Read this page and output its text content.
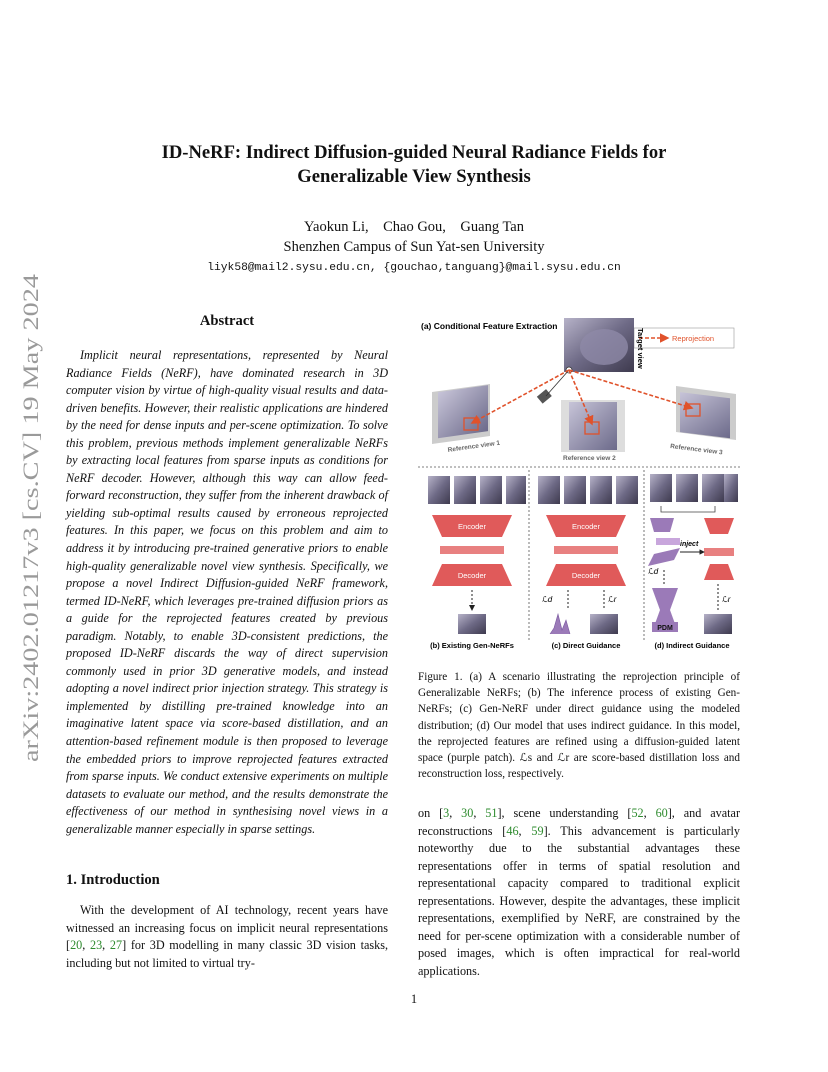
arXiv:2402.01217v3 [cs.CV] 19 May 2024
ID-NeRF: Indirect Diffusion-guided Neural Radiance Fields for
Generalizable View Synthesis
Yaokun Li,    Chao Gou,    Guang Tan
Shenzhen Campus of Sun Yat-sen University
liyk58@mail2.sysu.edu.cn, {gouchao,tanguang}@mail.sysu.edu.cn
Abstract

Implicit neural representations, represented by Neural Radiance Fields (NeRF), have dominated research in 3D computer vision by virtue of high-quality visual results and data-driven benefits. However, their realistic applications are hindered by the need for dense inputs and per-scene optimization. To solve this problem, previous methods implement generalizable NeRFs by extracting local features from sparse inputs as conditions for NeRF decoder. However, although this way can allow feed-forward reconstruction, they suffer from the inherent drawback of yielding sub-optimal results caused by erroneous reprojected features. In this paper, we focus on this problem and aim to address it by introducing pre-trained generative priors to enable high-quality generalizable novel view synthesis. Specifically, we propose a novel Indirect Diffusion-guided NeRF framework, termed ID-NeRF, which leverages pre-trained diffusion priors as a guide for the reprojected features created by previous paradigm. Notably, to enable 3D-consistent predictions, the proposed ID-NeRF discards the way of direct supervision commonly used in prior 3D generative models, and instead adopting a novel indirect prior injection strategy. This strategy is implemented by distilling pre-trained knowledge into an imaginative latent space via score-based distillation, and an attention-based refinement module is then proposed to leverage the embedded priors to improve reprojected features extracted from sparse inputs. We conduct extensive experiments on multiple datasets to evaluate our method, and the results demonstrate the effectiveness of our method in synthesising novel views in a generalizable manner especially in sparse settings.

1. Introduction

With the development of AI technology, recent years have witnessed an increasing focus on implicit neural representations [20, 23, 27] for 3D modelling in many classic 3D vision tasks, including but not limited to virtual try-

(a) Conditional Feature Extraction
Reprojection
Target view
Reference view 1
Reference view 2
Reference view 3
Encoder
Decoder
(b) Existing Gen-NeRFs
Encoder
Decoder
ℒd	ℒr
(c) Direct Guidance
inject
ℒd
ℒr
PDM
(d) Indirect Guidance
Figure 1. (a) A scenario illustrating the reprojection principle of Generalizable NeRFs; (b) The inference process of existing Gen-NeRFs; (c) Gen-NeRF under direct guidance using the modeled distribution; (d) Our model that uses indirect guidance. In this model, the reprojected features are refined using a diffusion-guided latent space (purple patch). ℒs and ℒr are score-based distillation loss and reconstruction loss, respectively.

on [3, 30, 51], scene understanding [52, 60], and avatar reconstructions [46, 59]. This advancement is particularly noteworthy due to the substantial advantages these representations offer in terms of spatial resolution and representational capacity compared to traditional explicit representations. However, despite the advantages, these implicit representations, exemplified by NeRF, are constrained by the need for per-scene optimization with a considerable number of posed images, which is often impractical for real-world applications.

1
